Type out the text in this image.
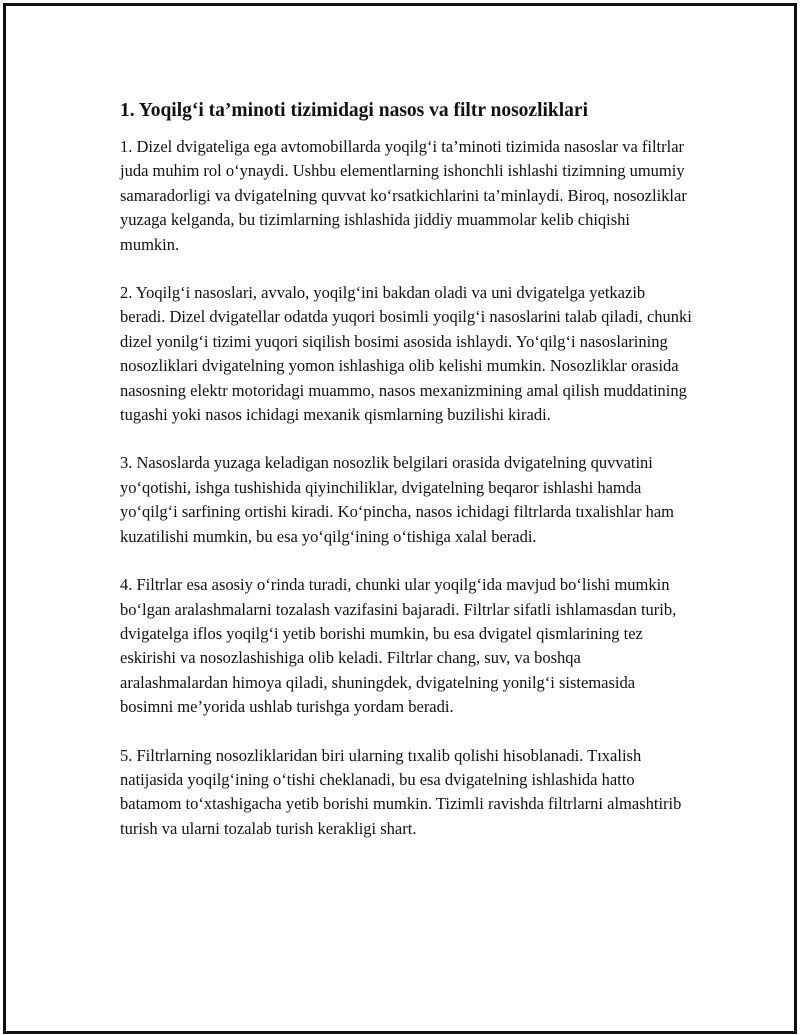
1. Yoqilg‘i ta’minoti tizimidagi nasos va filtr nosozliklari

1. Dizel dvigateliga ega avtomobillarda yoqilg‘i ta’minoti tizimida nasoslar va filtrlar juda muhim rol o‘ynaydi. Ushbu elementlarning ishonchli ishlashi tizimning umumiy samaradorligi va dvigatelning quvvat ko‘rsatkichlarini ta’minlaydi. Biroq, nosozliklar yuzaga kelganda, bu tizimlarning ishlashida jiddiy muammolar kelib chiqishi mumkin.

2. Yoqilg‘i nasoslari, avvalo, yoqilg‘ini bakdan oladi va uni dvigatelga yetkazib beradi. Dizel dvigatellar odatda yuqori bosimli yoqilg‘i nasoslarini talab qiladi, chunki dizel yonilg‘i tizimi yuqori siqilish bosimi asosida ishlaydi. Yo‘qilg‘i nasoslarining nosozliklari dvigatelning yomon ishlashiga olib kelishi mumkin. Nosozliklar orasida nasosning elektr motoridagi muammo, nasos mexanizmining amal qilish muddatining tugashi yoki nasos ichidagi mexanik qismlarning buzilishi kiradi.

3. Nasoslarda yuzaga keladigan nosozlik belgilari orasida dvigatelning quvvatini yo‘qotishi, ishga tushishida qiyinchiliklar, dvigatelning beqaror ishlashi hamda yo‘qilg‘i sarfining ortishi kiradi. Ko‘pincha, nasos ichidagi filtrlarda tıxalishlar ham kuzatilishi mumkin, bu esa yo‘qilg‘ining o‘tishiga xalal beradi.

4. Filtrlar esa asosiy o‘rinda turadi, chunki ular yoqilg‘ida mavjud bo‘lishi mumkin bo‘lgan aralashmalarni tozalash vazifasini bajaradi. Filtrlar sifatli ishlamasdan turib, dvigatelga iflos yoqilg‘i yetib borishi mumkin, bu esa dvigatel qismlarining tez eskirishi va nosozlashishiga olib keladi. Filtrlar chang, suv, va boshqa aralashmalardan himoya qiladi, shuningdek, dvigatelning yonilg‘i sistemasida bosimni me’yorida ushlab turishga yordam beradi.

5. Filtrlarning nosozliklaridan biri ularning tıxalib qolishi hisoblanadi. Tıxalish natijasida yoqilg‘ining o‘tishi cheklanadi, bu esa dvigatelning ishlashida hatto batamom to‘xtashigacha yetib borishi mumkin. Tizimli ravishda filtrlarni almashtirib turish va ularni tozalab turish kerakligi shart.
